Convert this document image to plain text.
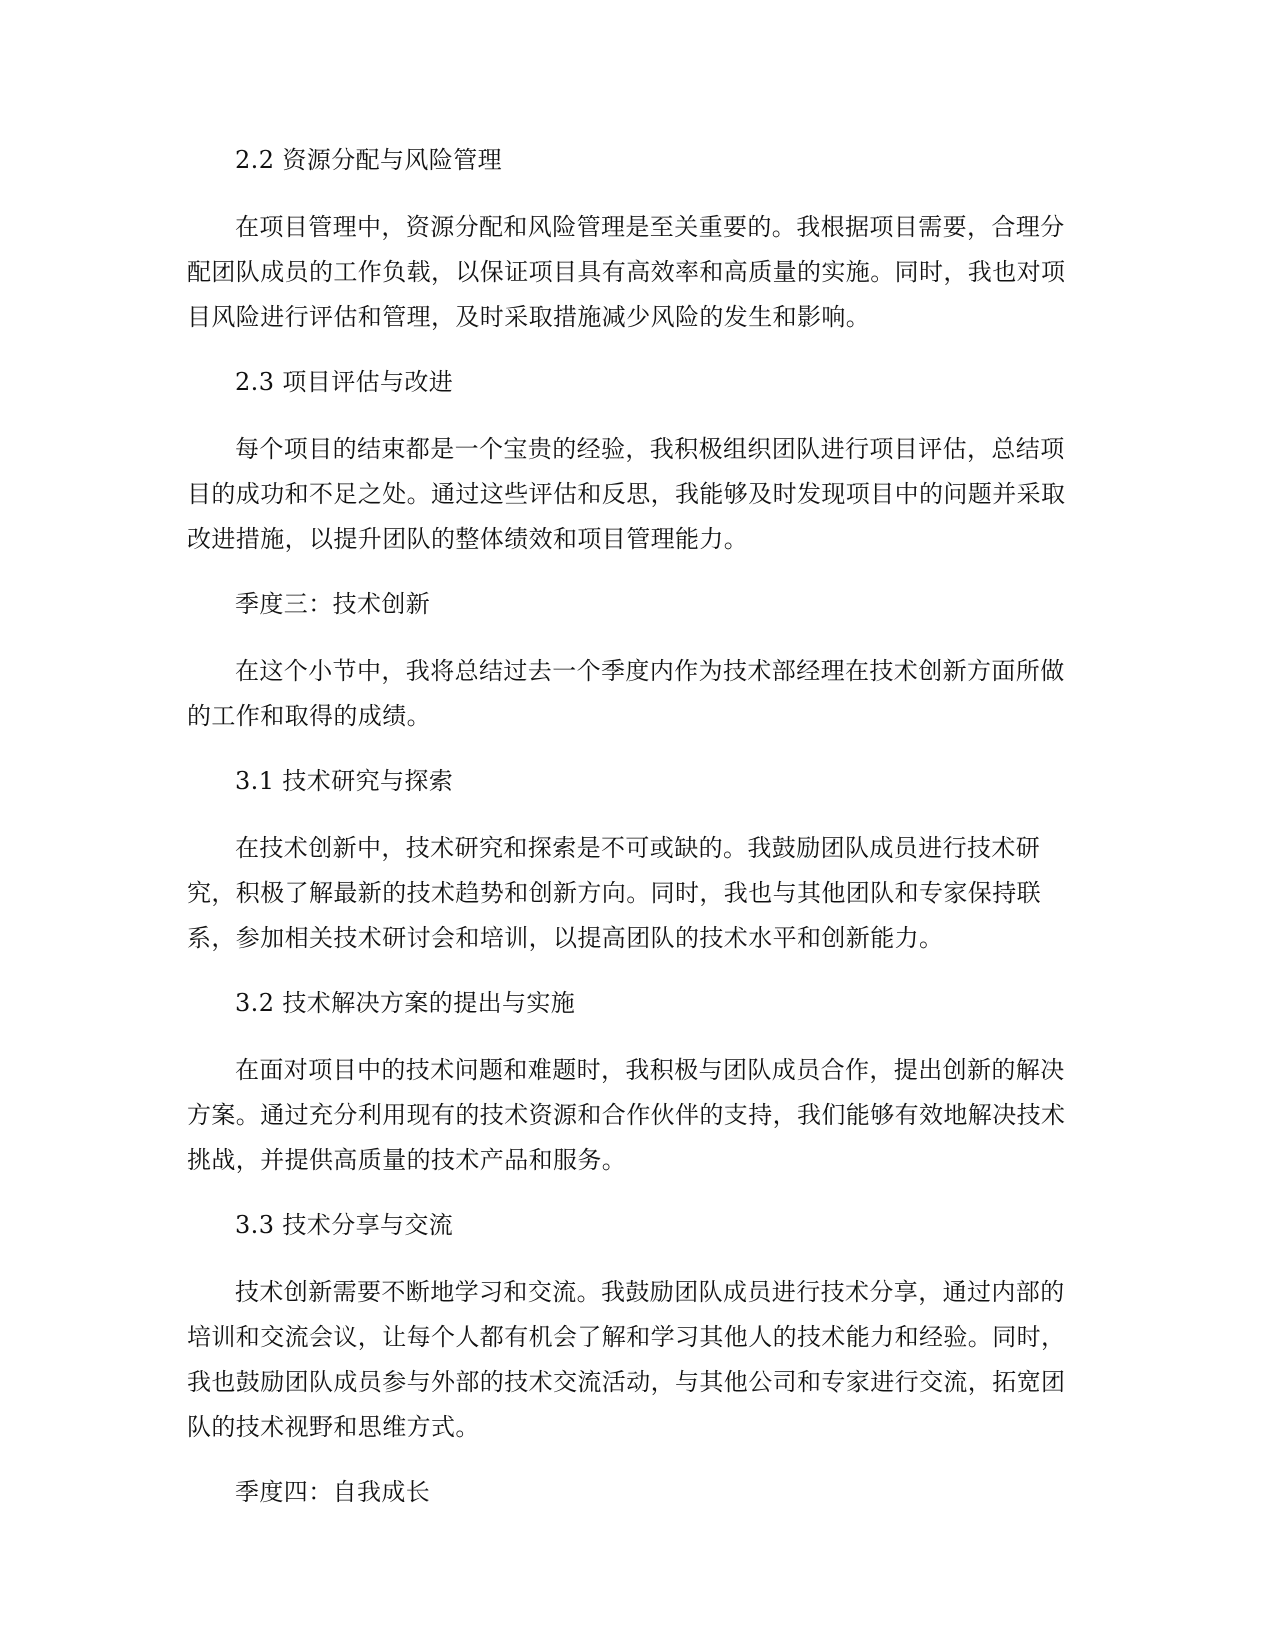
2.2 资源分配与风险管理

在项目管理中，资源分配和风险管理是至关重要的。我根据项目需要，合理分配团队成员的工作负载，以保证项目具有高效率和高质量的实施。同时，我也对项目风险进行评估和管理，及时采取措施减少风险的发生和影响。

2.3 项目评估与改进

每个项目的结束都是一个宝贵的经验，我积极组织团队进行项目评估，总结项目的成功和不足之处。通过这些评估和反思，我能够及时发现项目中的问题并采取改进措施，以提升团队的整体绩效和项目管理能力。

季度三：技术创新

在这个小节中，我将总结过去一个季度内作为技术部经理在技术创新方面所做的工作和取得的成绩。

3.1 技术研究与探索

在技术创新中，技术研究和探索是不可或缺的。我鼓励团队成员进行技术研究，积极了解最新的技术趋势和创新方向。同时，我也与其他团队和专家保持联系，参加相关技术研讨会和培训，以提高团队的技术水平和创新能力。

3.2 技术解决方案的提出与实施

在面对项目中的技术问题和难题时，我积极与团队成员合作，提出创新的解决方案。通过充分利用现有的技术资源和合作伙伴的支持，我们能够有效地解决技术挑战，并提供高质量的技术产品和服务。

3.3 技术分享与交流

技术创新需要不断地学习和交流。我鼓励团队成员进行技术分享，通过内部的培训和交流会议，让每个人都有机会了解和学习其他人的技术能力和经验。同时，我也鼓励团队成员参与外部的技术交流活动，与其他公司和专家进行交流，拓宽团队的技术视野和思维方式。

季度四：自我成长
